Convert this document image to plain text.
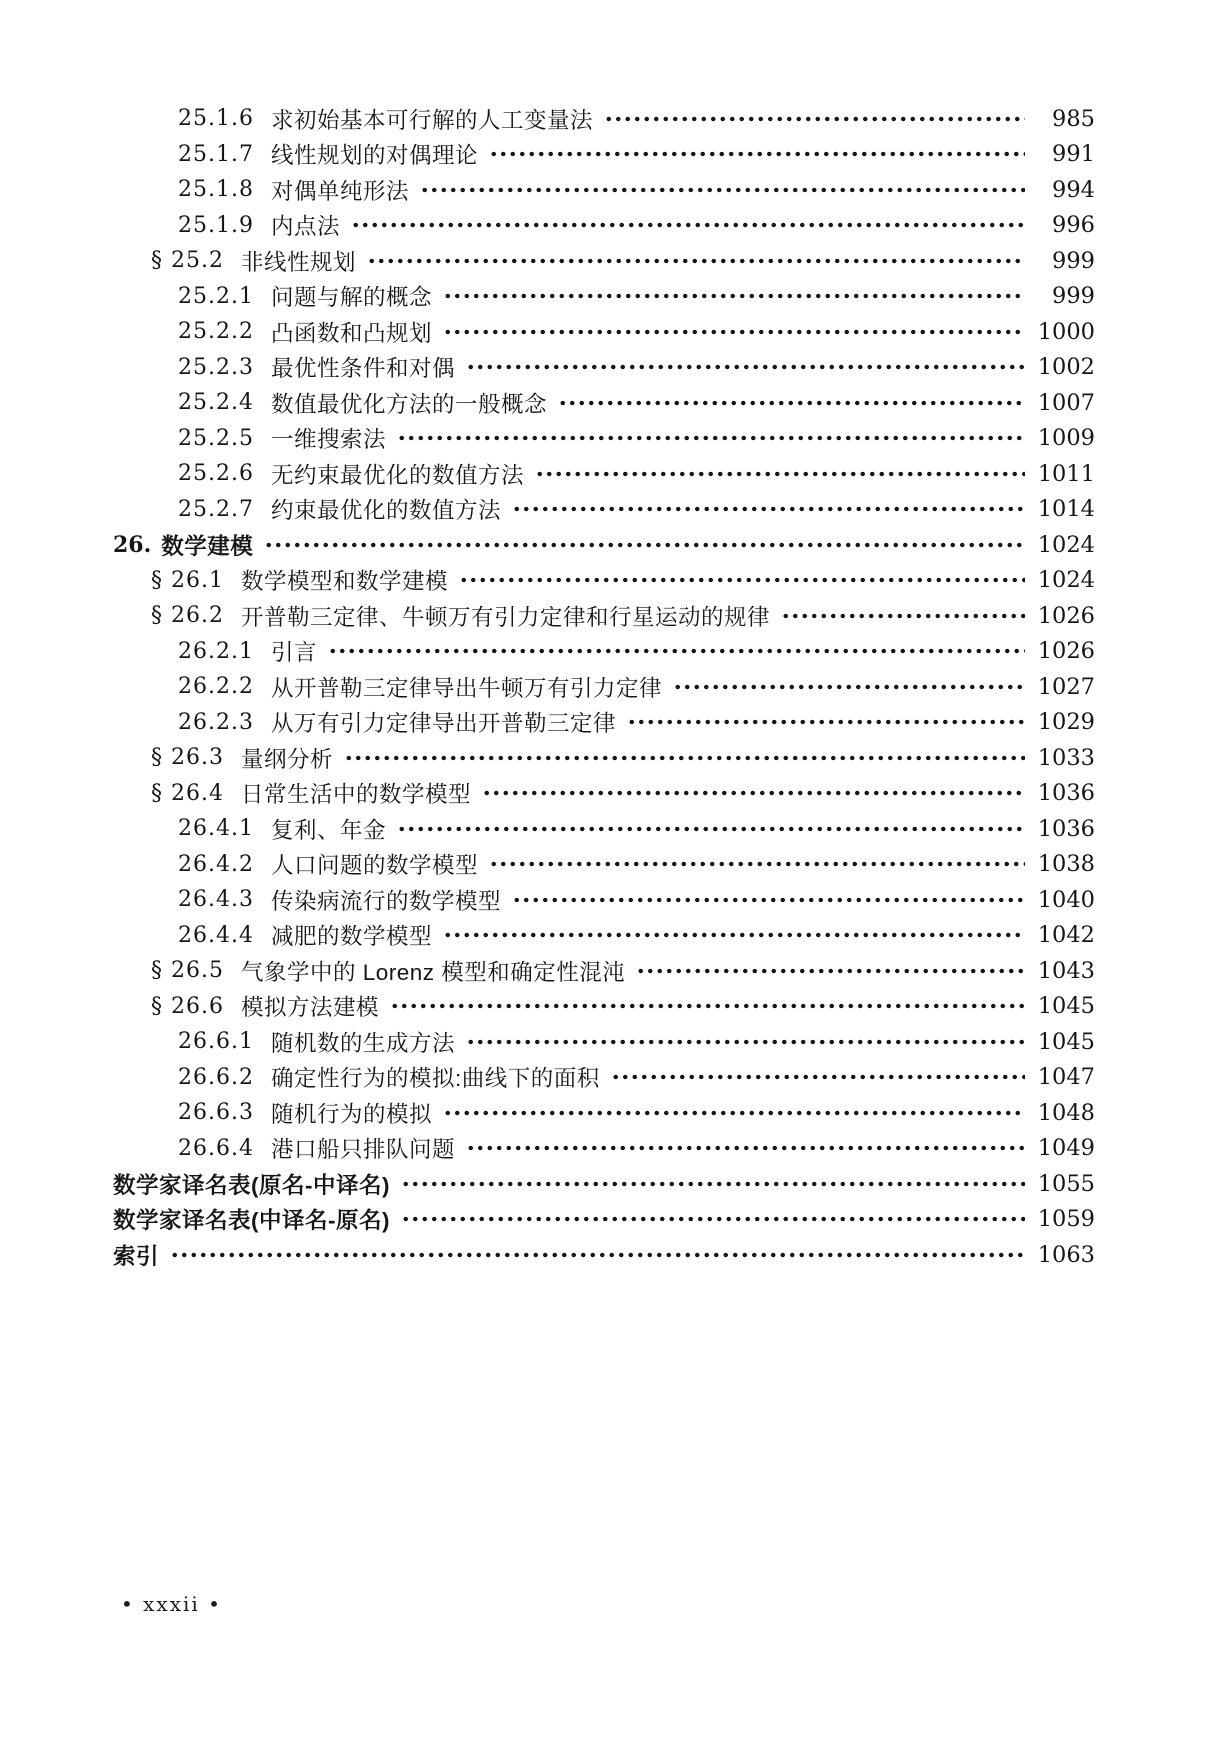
25.1.6 求初始基本可行解的人工变量法	985
25.1.7 线性规划的对偶理论	991
25.1.8 对偶单纯形法	994
25.1.9 内点法	996
§ 25.2 非线性规划	999
25.2.1 问题与解的概念	999
25.2.2 凸函数和凸规划	1000
25.2.3 最优性条件和对偶	1002
25.2.4 数值最优化方法的一般概念	1007
25.2.5 一维搜索法	1009
25.2.6 无约束最优化的数值方法	1011
25.2.7 约束最优化的数值方法	1014
26. 数学建模	1024
§ 26.1 数学模型和数学建模	1024
§ 26.2 开普勒三定律、牛顿万有引力定律和行星运动的规律	1026
26.2.1 引言	1026
26.2.2 从开普勒三定律导出牛顿万有引力定律	1027
26.2.3 从万有引力定律导出开普勒三定律	1029
§ 26.3 量纲分析	1033
§ 26.4 日常生活中的数学模型	1036
26.4.1 复利、年金	1036
26.4.2 人口问题的数学模型	1038
26.4.3 传染病流行的数学模型	1040
26.4.4 减肥的数学模型	1042
§ 26.5 气象学中的 Lorenz 模型和确定性混沌	1043
§ 26.6 模拟方法建模	1045
26.6.1 随机数的生成方法	1045
26.6.2 确定性行为的模拟:曲线下的面积	1047
26.6.3 随机行为的模拟	1048
26.6.4 港口船只排队问题	1049
数学家译名表(原名-中译名)	1055
数学家译名表(中译名-原名)	1059
索引	1063
• xxxii •
